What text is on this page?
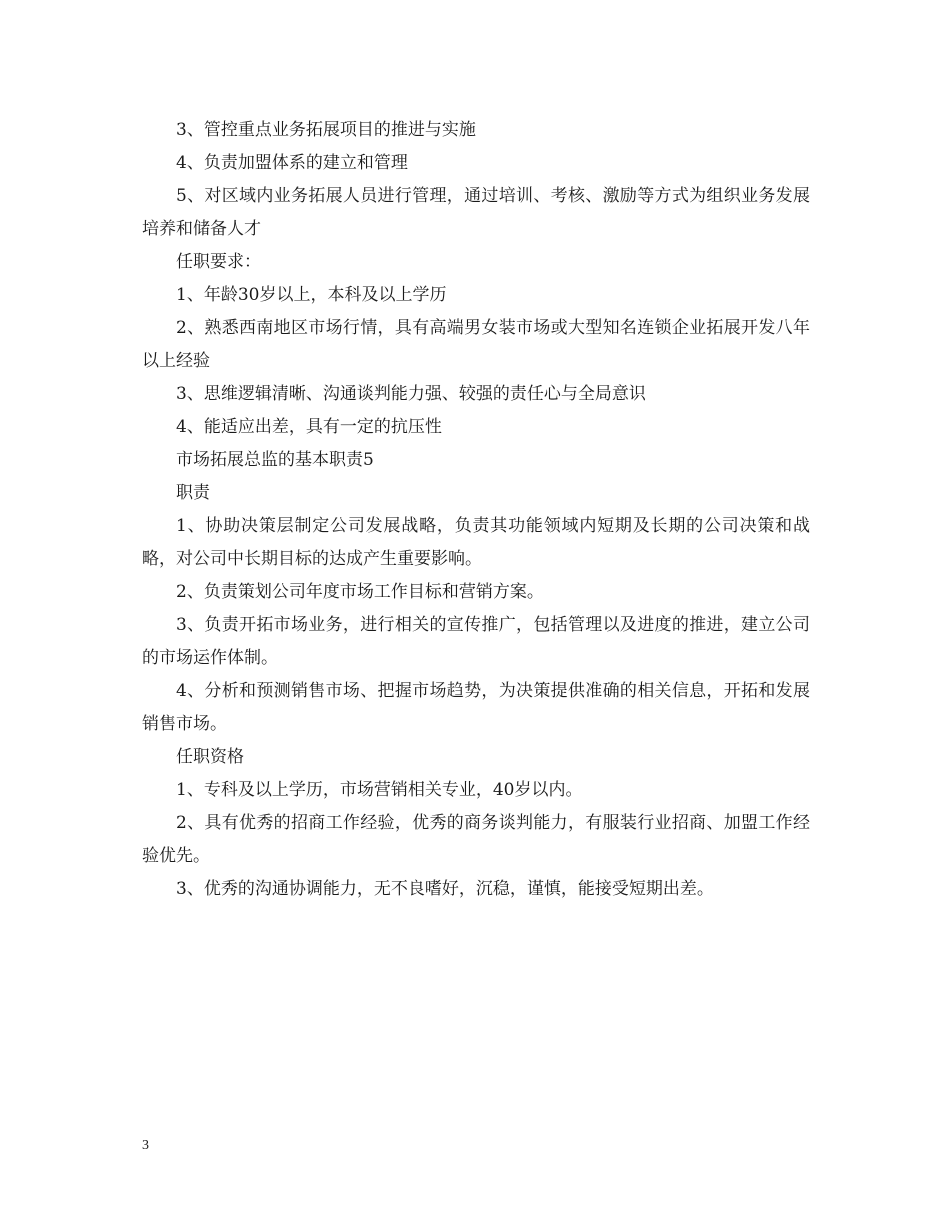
3、管控重点业务拓展项目的推进与实施

4、负责加盟体系的建立和管理

5、对区域内业务拓展人员进行管理，通过培训、考核、激励等方式为组织业务发展培养和储备人才

任职要求：

1、年龄30岁以上，本科及以上学历

2、熟悉西南地区市场行情，具有高端男女装市场或大型知名连锁企业拓展开发八年以上经验

3、思维逻辑清晰、沟通谈判能力强、较强的责任心与全局意识

4、能适应出差，具有一定的抗压性

市场拓展总监的基本职责5

职责

1、协助决策层制定公司发展战略，负责其功能领域内短期及长期的公司决策和战略，对公司中长期目标的达成产生重要影响。

2、负责策划公司年度市场工作目标和营销方案。

3、负责开拓市场业务，进行相关的宣传推广，包括管理以及进度的推进，建立公司的市场运作体制。

4、分析和预测销售市场、把握市场趋势，为决策提供准确的相关信息，开拓和发展销售市场。

任职资格

1、专科及以上学历，市场营销相关专业，40岁以内。

2、具有优秀的招商工作经验，优秀的商务谈判能力，有服装行业招商、加盟工作经验优先。

3、优秀的沟通协调能力，无不良嗜好，沉稳，谨慎，能接受短期出差。

3
